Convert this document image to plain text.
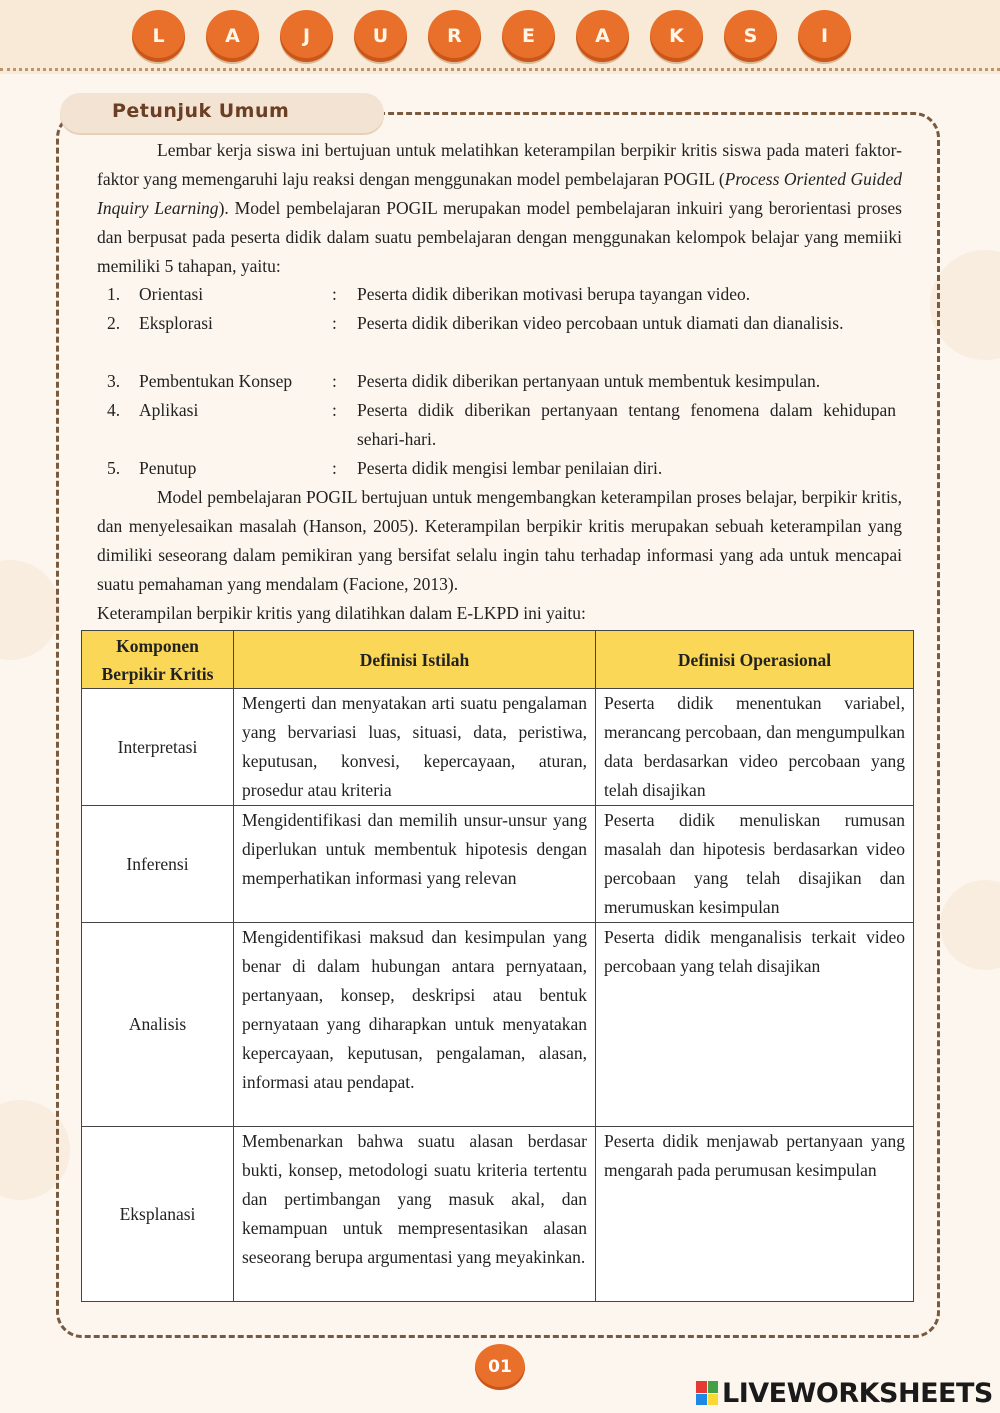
L	A	J	U	R	E	A	K	S	I
Petunjuk Umum

Lembar kerja siswa ini bertujuan untuk melatihkan keterampilan berpikir kritis siswa pada materi faktor-faktor yang memengaruhi laju reaksi dengan menggunakan model pembelajaran POGIL (Process Oriented Guided Inquiry Learning). Model pembelajaran POGIL merupakan model pembelajaran inkuiri yang berorientasi proses dan berpusat pada peserta didik dalam suatu pembelajaran dengan menggunakan kelompok belajar yang memiiki memiliki 5 tahapan, yaitu:

1. Orientasi	: Peserta didik diberikan motivasi berupa tayangan video.
2. Eksplorasi	: Peserta didik diberikan video percobaan untuk diamati dan dianalisis.
3. Pembentukan Konsep : Peserta didik diberikan pertanyaan untuk membentuk kesimpulan.
4. Aplikasi	: Peserta didik diberikan pertanyaan tentang fenomena dalam kehidupan sehari-hari.
5. Penutup	: Peserta didik mengisi lembar penilaian diri.

Model pembelajaran POGIL bertujuan untuk mengembangkan keterampilan proses belajar, berpikir kritis, dan menyelesaikan masalah (Hanson, 2005). Keterampilan berpikir kritis merupakan sebuah keterampilan yang dimiliki seseorang dalam pemikiran yang bersifat selalu ingin tahu terhadap informasi yang ada untuk mencapai suatu pemahaman yang mendalam (Facione, 2013).

Keterampilan berpikir kritis yang dilatihkan dalam E-LKPD ini yaitu:

Komponen Berpikir Kritis	Definisi Istilah	Definisi Operasional
Interpretasi	Mengerti dan menyatakan arti suatu pengalaman yang bervariasi luas, situasi, data, peristiwa, keputusan, konvesi, kepercayaan, aturan, prosedur atau kriteria	Peserta didik menentukan variabel, merancang percobaan, dan mengumpulkan data berdasarkan video percobaan yang telah disajikan
Inferensi	Mengidentifikasi dan memilih unsur-unsur yang diperlukan untuk membentuk hipotesis dengan memperhatikan informasi yang relevan	Peserta didik menuliskan rumusan masalah dan hipotesis berdasarkan video percobaan yang telah disajikan dan merumuskan kesimpulan
Analisis	Mengidentifikasi maksud dan kesimpulan yang benar di dalam hubungan antara pernyataan, pertanyaan, konsep, deskripsi atau bentuk pernyataan yang diharapkan untuk menyatakan kepercayaan, keputusan, pengalaman, alasan, informasi atau pendapat.	Peserta didik menganalisis terkait video percobaan yang telah disajikan
Eksplanasi	Membenarkan bahwa suatu alasan berdasar bukti, konsep, metodologi suatu kriteria tertentu dan pertimbangan yang masuk akal, dan kemampuan untuk mempresentasikan alasan seseorang berupa argumentasi yang meyakinkan.	Peserta didik menjawab pertanyaan yang mengarah pada perumusan kesimpulan
01
LIVEWORKSHEETS
